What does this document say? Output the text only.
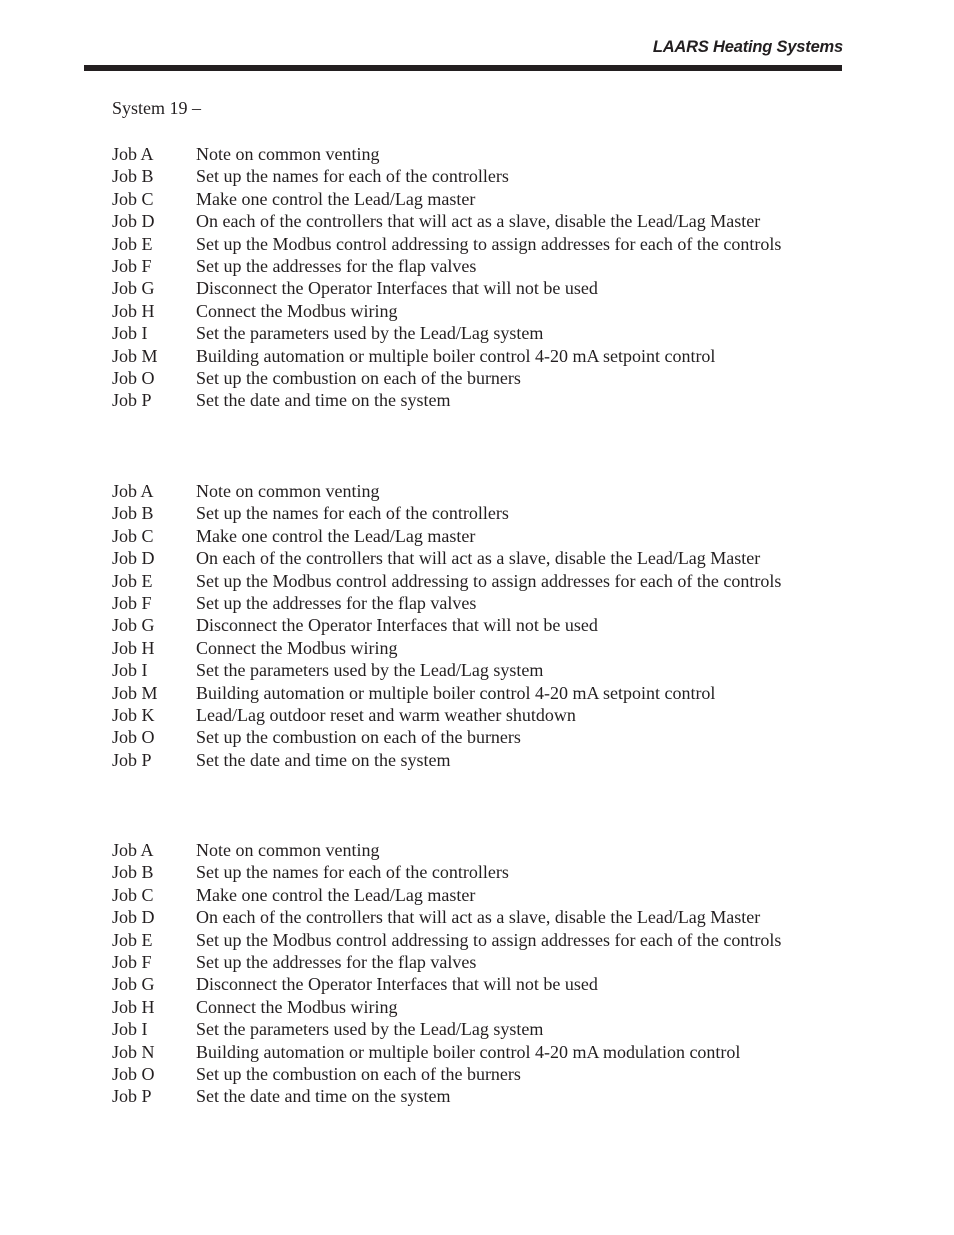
LAARS Heating Systems
System 19 –
Job A	Note on common venting
Job B	Set up the names for each of the controllers
Job C	Make one control the Lead/Lag master
Job D	On each of the controllers that will act as a slave, disable the Lead/Lag Master
Job E	Set up the Modbus control addressing to assign addresses for each of the controls
Job F	Set up the addresses for the flap valves
Job G	Disconnect the Operator Interfaces that will not be used
Job H	Connect the Modbus wiring
Job I	Set the parameters used by the Lead/Lag system
Job M	Building automation or multiple boiler control 4-20 mA setpoint control
Job O	Set up the combustion on each of the burners
Job P	Set the date and time on the system
Job A	Note on common venting
Job B	Set up the names for each of the controllers
Job C	Make one control the Lead/Lag master
Job D	On each of the controllers that will act as a slave, disable the Lead/Lag Master
Job E	Set up the Modbus control addressing to assign addresses for each of the controls
Job F	Set up the addresses for the flap valves
Job G	Disconnect the Operator Interfaces that will not be used
Job H	Connect the Modbus wiring
Job I	Set the parameters used by the Lead/Lag system
Job M	Building automation or multiple boiler control 4-20 mA setpoint control
Job K	Lead/Lag outdoor reset and warm weather shutdown
Job O	Set up the combustion on each of the burners
Job P	Set the date and time on the system
Job A	Note on common venting
Job B	Set up the names for each of the controllers
Job C	Make one control the Lead/Lag master
Job D	On each of the controllers that will act as a slave, disable the Lead/Lag Master
Job E	Set up the Modbus control addressing to assign addresses for each of the controls
Job F	Set up the addresses for the flap valves
Job G	Disconnect the Operator Interfaces that will not be used
Job H	Connect the Modbus wiring
Job I	Set the parameters used by the Lead/Lag system
Job N	Building automation or multiple boiler control 4-20 mA modulation control
Job O	Set up the combustion on each of the burners
Job P	Set the date and time on the system
